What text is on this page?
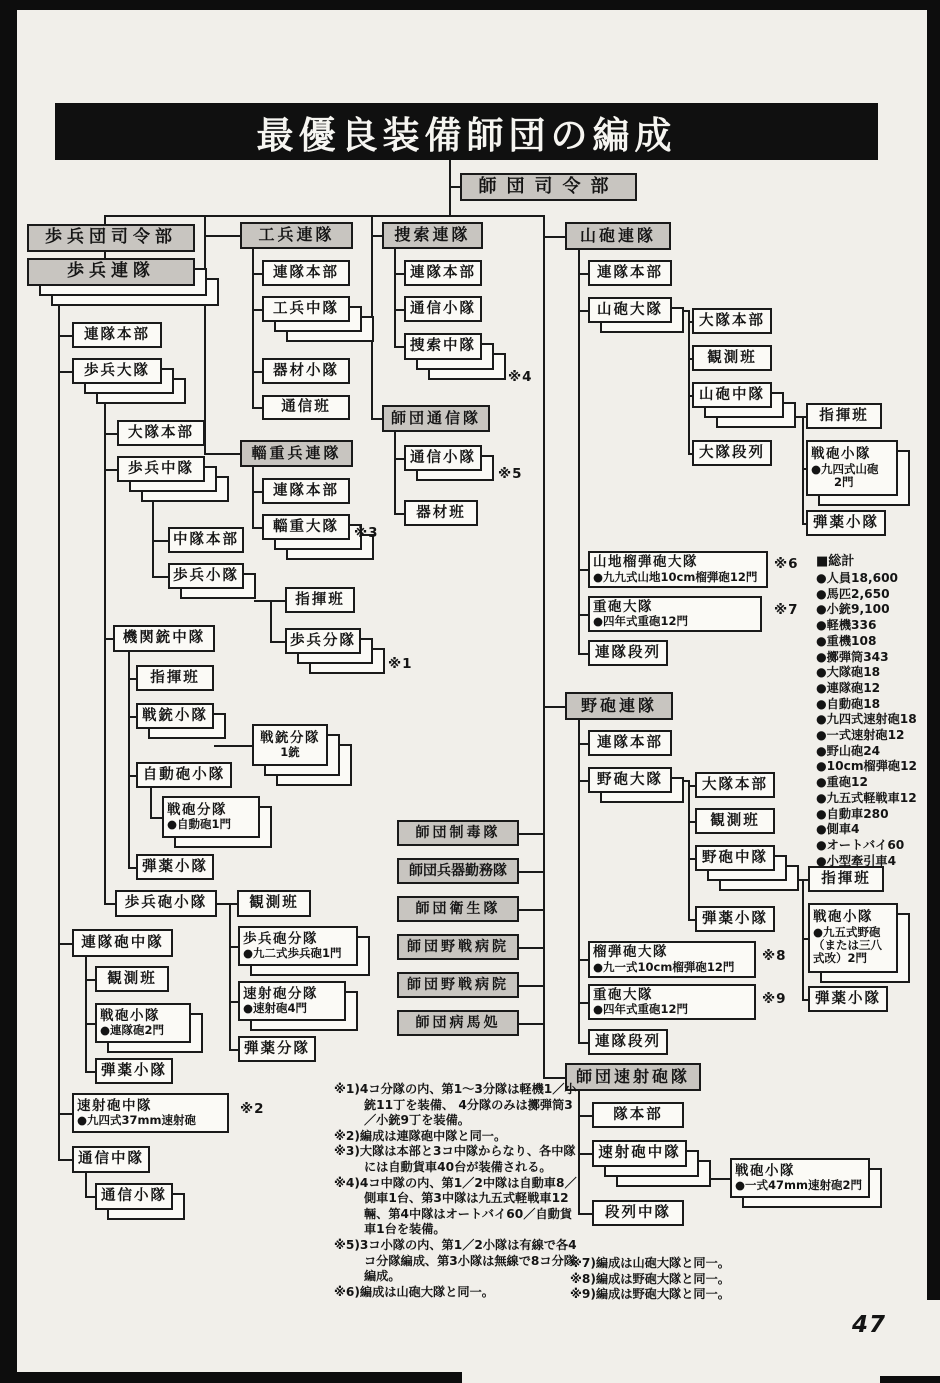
最優良装備師団の編成
師団司令部
歩兵団司令部
歩兵連隊
連隊本部
歩兵大隊
大隊本部
歩兵中隊
中隊本部
歩兵小隊
指揮班
歩兵分隊
※1
機関銃中隊
指揮班
戦銃小隊
戦銃分隊
1銃
自動砲小隊
戦砲分隊
●自動砲1門
弾薬小隊
歩兵砲小隊	観測班
歩兵砲分隊
●九二式歩兵砲1門
速射砲分隊
●速射砲4門
弾薬分隊
連隊砲中隊
観測班
戦砲小隊
●連隊砲2門
弾薬小隊
速射砲中隊
●九四式37mm速射砲
※2
通信中隊
通信小隊
工兵連隊
連隊本部
工兵中隊
器材小隊
通信班
輜重兵連隊
連隊本部
輜重大隊	※3
捜索連隊
連隊本部
通信小隊
捜索中隊
※4
師団通信隊
通信小隊
※5
器材班
師団制毒隊
師団兵器勤務隊
師団衛生隊
師団野戦病院
師団野戦病院
師団病馬処
山砲連隊
連隊本部
山砲大隊
大隊本部
観測班
山砲中隊
指揮班
戦砲小隊
●九四式山砲
　　2門
弾薬小隊
大隊段列
山地榴弾砲大隊
●九九式山地10cm榴弾砲12門
※6
重砲大隊
●四年式重砲12門
※7
連隊段列
野砲連隊
連隊本部
野砲大隊	大隊本部
観測班
野砲中隊
指揮班
戦砲小隊
●九五式野砲
（または三八
式改）2門
弾薬小隊
弾薬小隊
榴弾砲大隊
●九一式10cm榴弾砲12門
※8
重砲大隊
●四年式重砲12門
※9
連隊段列
師団速射砲隊
隊本部
速射砲中隊
戦砲小隊
●一式47mm速射砲2門
段列中隊
■総計
●人員18,600
●馬匹2,650
●小銃9,100
●軽機336
●重機108
●擲弾筒343
●大隊砲18
●連隊砲12
●自動砲18
●九四式速射砲18
●一式速射砲12
●野山砲24
●10cm榴弾砲12
●重砲12
●九五式軽戦車12
●自動車280
●側車4
●オートバイ60
●小型牽引車4

※1)4コ分隊の内、第1～3分隊は軽機1／小銃11丁を装備、 4分隊のみは擲弾筒3／小銃9丁を装備。

※2)編成は連隊砲中隊と同一。

※3)大隊は本部と3コ中隊からなり、各中隊には自動貨車40台が装備される。

※4)4コ中隊の内、第1／2中隊は自動車8／側車1台、第3中隊は九五式軽戦車12輛、第4中隊はオートバイ60／自動貨車1台を装備。

※5)3コ小隊の内、第1／2小隊は有線で各4コ分隊編成、第3小隊は無線で8コ分隊編成。

※6)編成は山砲大隊と同一。

※7)編成は山砲大隊と同一。

※8)編成は野砲大隊と同一。

※9)編成は野砲大隊と同一。

47
